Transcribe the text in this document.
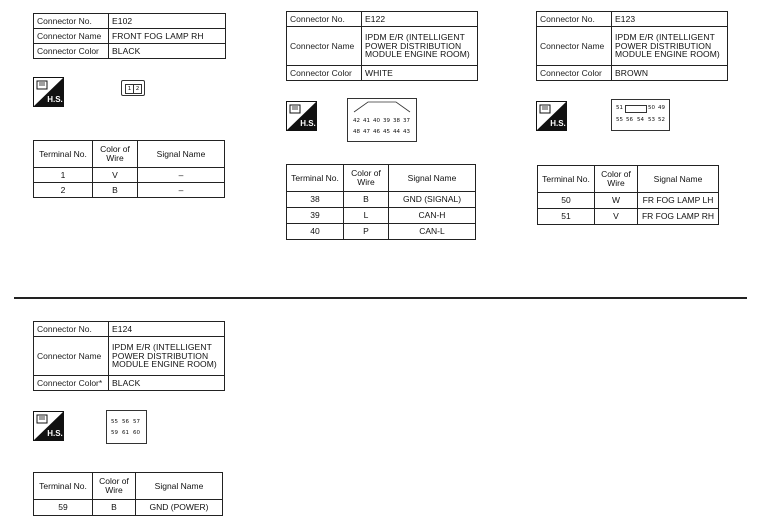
Connector No.	E102
Connector Name	FRONT FOG LAMP RH
Connector Color	BLACK
H.S.
1 2
Terminal No.	Color of Wire	Signal Name
1	V	–
2	B	–
Connector No.	E122
Connector Name	IPDM E/R (INTELLIGENT POWER DISTRIBUTION MODULE ENGINE ROOM)
Connector Color	WHITE
H.S.	42 41 40 39 38 37
48 47 46 45 44 43
Terminal No.	Color of Wire	Signal Name
38	B	GND (SIGNAL)
39	L	CAN-H
40	P	CAN-L
Connector No.	E123
Connector Name	IPDM E/R (INTELLIGENT POWER DISTRIBUTION MODULE ENGINE ROOM)
Connector Color	BROWN
H.S.
51	50 49
55 56 54 53 52
Terminal No.	Color of Wire	Signal Name
50	W	FR FOG LAMP LH
51	V	FR FOG LAMP RH
Connector No.	E124
Connector Name	IPDM E/R (INTELLIGENT POWER DISTRIBUTION MODULE ENGINE ROOM)
Connector Color*	BLACK
H.S.
55 56 57
59 61 60
Terminal No.	Color of Wire	Signal Name
59	B	GND (POWER)
